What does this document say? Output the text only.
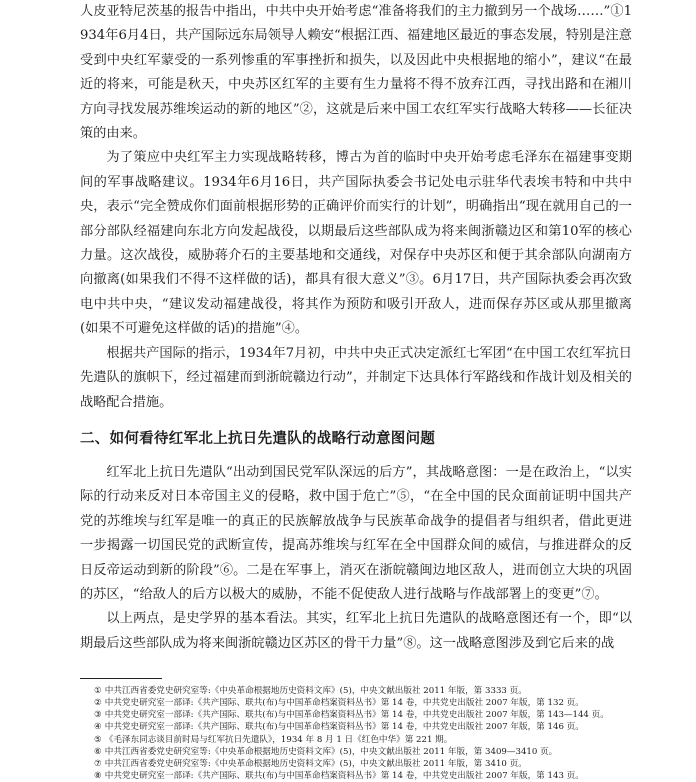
人皮亚特尼茨基的报告中指出，中共中央开始考虑“准备将我们的主力撤到另一个战场……”①1934年6月4日，共产国际远东局领导人赖安“根据江西、福建地区最近的事态发展，特别是注意受到中央红军蒙受的一系列惨重的军事挫折和损失，以及因此中央根据地的缩小”，建议“在最近的将来，可能是秋天，中央苏区红军的主要有生力量将不得不放弃江西，寻找出路和在湘川方向寻找发展苏维埃运动的新的地区”②，这就是后来中国工农红军实行战略大转移——长征决策的由来。

为了策应中央红军主力实现战略转移，博古为首的临时中央开始考虑毛泽东在福建事变期间的军事战略建议。1934年6月16日，共产国际执委会书记处电示驻华代表埃韦特和中共中央，表示“完全赞成你们面前根据形势的正确评价而实行的计划”，明确指出“现在就用自己的一部分部队经福建向东北方向发起战役，以期最后这些部队成为将来闽浙赣边区和第10军的核心力量。这次战役，威胁蒋介石的主要基地和交通线，对保存中央苏区和便于其余部队向湖南方向撤离(如果我们不得不这样做的话)，都具有很大意义”③。6月17日，共产国际执委会再次致电中共中央，“建议发动福建战役，将其作为预防和吸引开敌人，进而保存苏区或从那里撤离(如果不可避免这样做的话)的措施”④。

根据共产国际的指示，1934年7月初，中共中央正式决定派红七军团“在中国工农红军抗日先遣队的旗帜下，经过福建而到浙皖赣边行动”，并制定下达具体行军路线和作战计划及相关的战略配合措施。

二、如何看待红军北上抗日先遣队的战略行动意图问题

红军北上抗日先遣队“出动到国民党军队深远的后方”，其战略意图：一是在政治上，“以实际的行动来反对日本帝国主义的侵略，救中国于危亡”⑤，“在全中国的民众面前证明中国共产党的苏维埃与红军是唯一的真正的民族解放战争与民族革命战争的提倡者与组织者，借此更进一步揭露一切国民党的武断宣传，提高苏维埃与红军在全中国群众间的威信，与推进群众的反日反帝运动到新的阶段”⑥。二是在军事上，消灭在浙皖赣闽边地区敌人，进而创立大块的巩固的苏区，“给敌人的后方以极大的威胁，不能不促使敌人进行战略与作战部署上的变更”⑦。

以上两点，是史学界的基本看法。其实，红军北上抗日先遣队的战略意图还有一个，即“以期最后这些部队成为将来闽浙皖赣边区苏区的骨干力量”⑧。这一战略意图涉及到它后来的战

① 中共江西省委党史研究室等:《中央革命根据地历史资料文库》(5)，中央文献出版社 2011 年版，第 3333 页。

② 中共党史研究室一部译:《共产国际、联共(布)与中国革命档案资料丛书》第 14 卷，中共党史出版社 2007 年版，第 132 页。

③ 中共党史研究室一部译:《共产国际、联共(布)与中国革命档案资料丛书》第 14 卷，中共党史出版社 2007 年版，第 143—144 页。

④ 中共党史研究室一部译:《共产国际、联共(布)与中国革命档案资料丛书》第 14 卷，中共党史出版社 2007 年版，第 146 页。

⑤ 《毛泽东同志谈目前时局与红军抗日先遣队》，1934 年 8 月 1 日《红色中华》第 221 期。

⑥ 中共江西省委党史研究室等:《中央革命根据地历史资料文库》(5)，中央文献出版社 2011 年版，第 3409—3410 页。

⑦ 中共江西省委党史研究室等:《中央革命根据地历史资料文库》(5)，中央文献出版社 2011 年版，第 3410 页。

⑧ 中共党史研究室一部译:《共产国际、联共(布)与中国革命档案资料丛书》第 14 卷，中共党史出版社 2007 年版，第 143 页。
